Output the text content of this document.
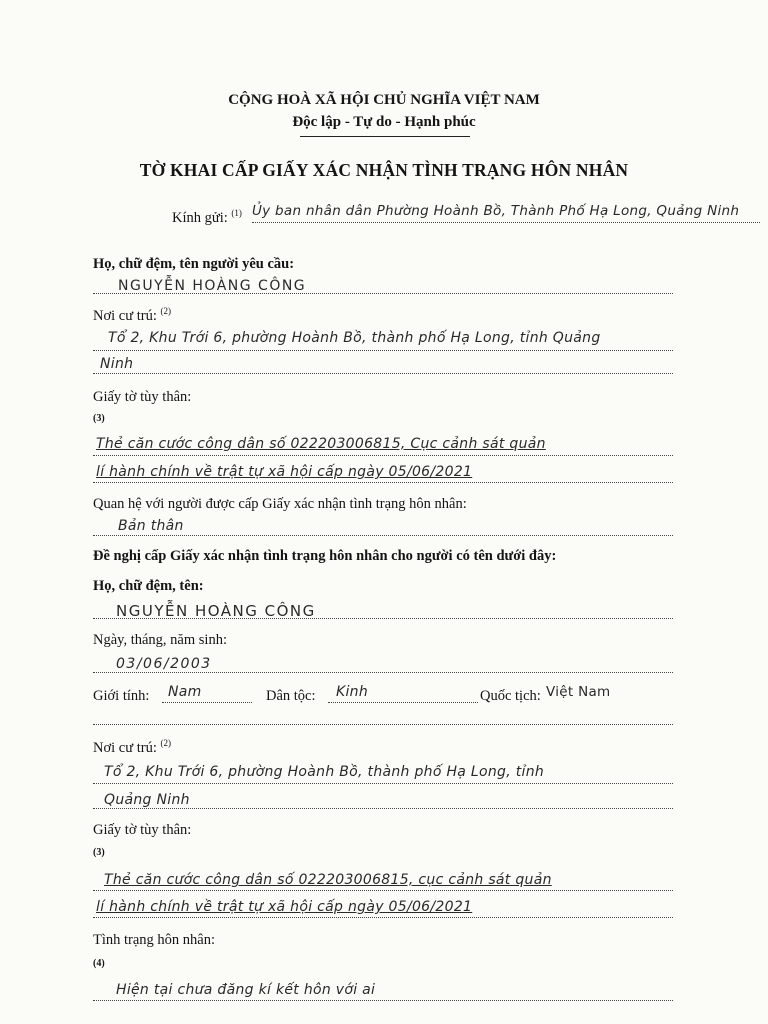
CỘNG HOÀ XÃ HỘI CHỦ NGHĨA VIỆT NAM
Độc lập - Tự do - Hạnh phúc
TỜ KHAI CẤP GIẤY XÁC NHẬN TÌNH TRẠNG HÔN NHÂN
Kính gửi: $^{(1)}$ Ủy ban nhân dân Phường Hoành Bồ, Thành Phố Hạ Long, Quảng Ninh
Họ, chữ đệm, tên người yêu cầu:
NGUYỄN HOÀNG CÔNG
Nơi cư trú: $^{(2)}$
Tổ 2, Khu Trới 6, phường Hoành Bồ, thành phố Hạ Long, tỉnh Quảng
Ninh
Giấy tờ tùy thân:
(3)
Thẻ căn cước công dân số 022203006815, Cục cảnh sát quản
lí hành chính về trật tự xã hội cấp ngày 05/06/2021
Quan hệ với người được cấp Giấy xác nhận tình trạng hôn nhân:
Bản thân
Đề nghị cấp Giấy xác nhận tình trạng hôn nhân cho người có tên dưới đây:
Họ, chữ đệm, tên:
NGUYỄN HOÀNG CÔNG
Ngày, tháng, năm sinh:
03/06/2003
Giới tính: Nam	Dân tộc: Kinh	Quốc tịch: Việt Nam
Nơi cư trú: $^{(2)}$
Tổ 2, Khu Trới 6, phường Hoành Bồ, thành phố Hạ Long, tỉnh
Quảng Ninh
Giấy tờ tùy thân:
(3)
Thẻ căn cước công dân số 022203006815, cục cảnh sát quản
lí hành chính về trật tự xã hội cấp ngày 05/06/2021
Tình trạng hôn nhân:
(4)
Hiện tại chưa đăng kí kết hôn với ai
